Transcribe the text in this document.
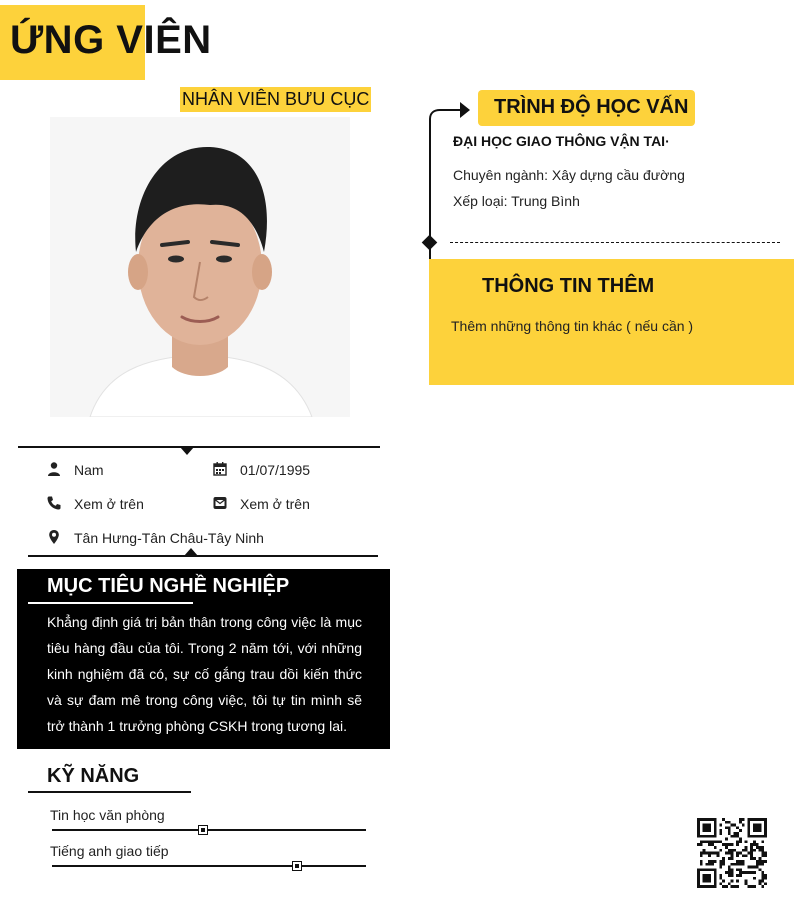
ỨNG VIÊN
NHÂN VIÊN BƯU CỤC
Nam	01/07/1995
Xem ở trên	Xem ở trên
Tân Hưng-Tân Châu-Tây Ninh
MỤC TIÊU NGHỀ NGHIỆP
Khẳng định giá trị bản thân trong công việc là mục tiêu hàng đầu của tôi. Trong 2 năm tới, với những kinh nghiệm đã có, sự cố gắng trau dồi kiến thức và sự đam mê trong công việc, tôi tự tin mình sẽ trở thành 1 trưởng phòng CSKH trong tương lai.
KỸ NĂNG
Tin học văn phòng
Tiếng anh giao tiếp
TRÌNH ĐỘ HỌC VẤN
ĐẠI HỌC GIAO THÔNG VẬN TAI·
Chuyên ngành: Xây dựng cầu đường
Xếp loại: Trung Bình
THÔNG TIN THÊM
Thêm những thông tin khác ( nếu cần )
